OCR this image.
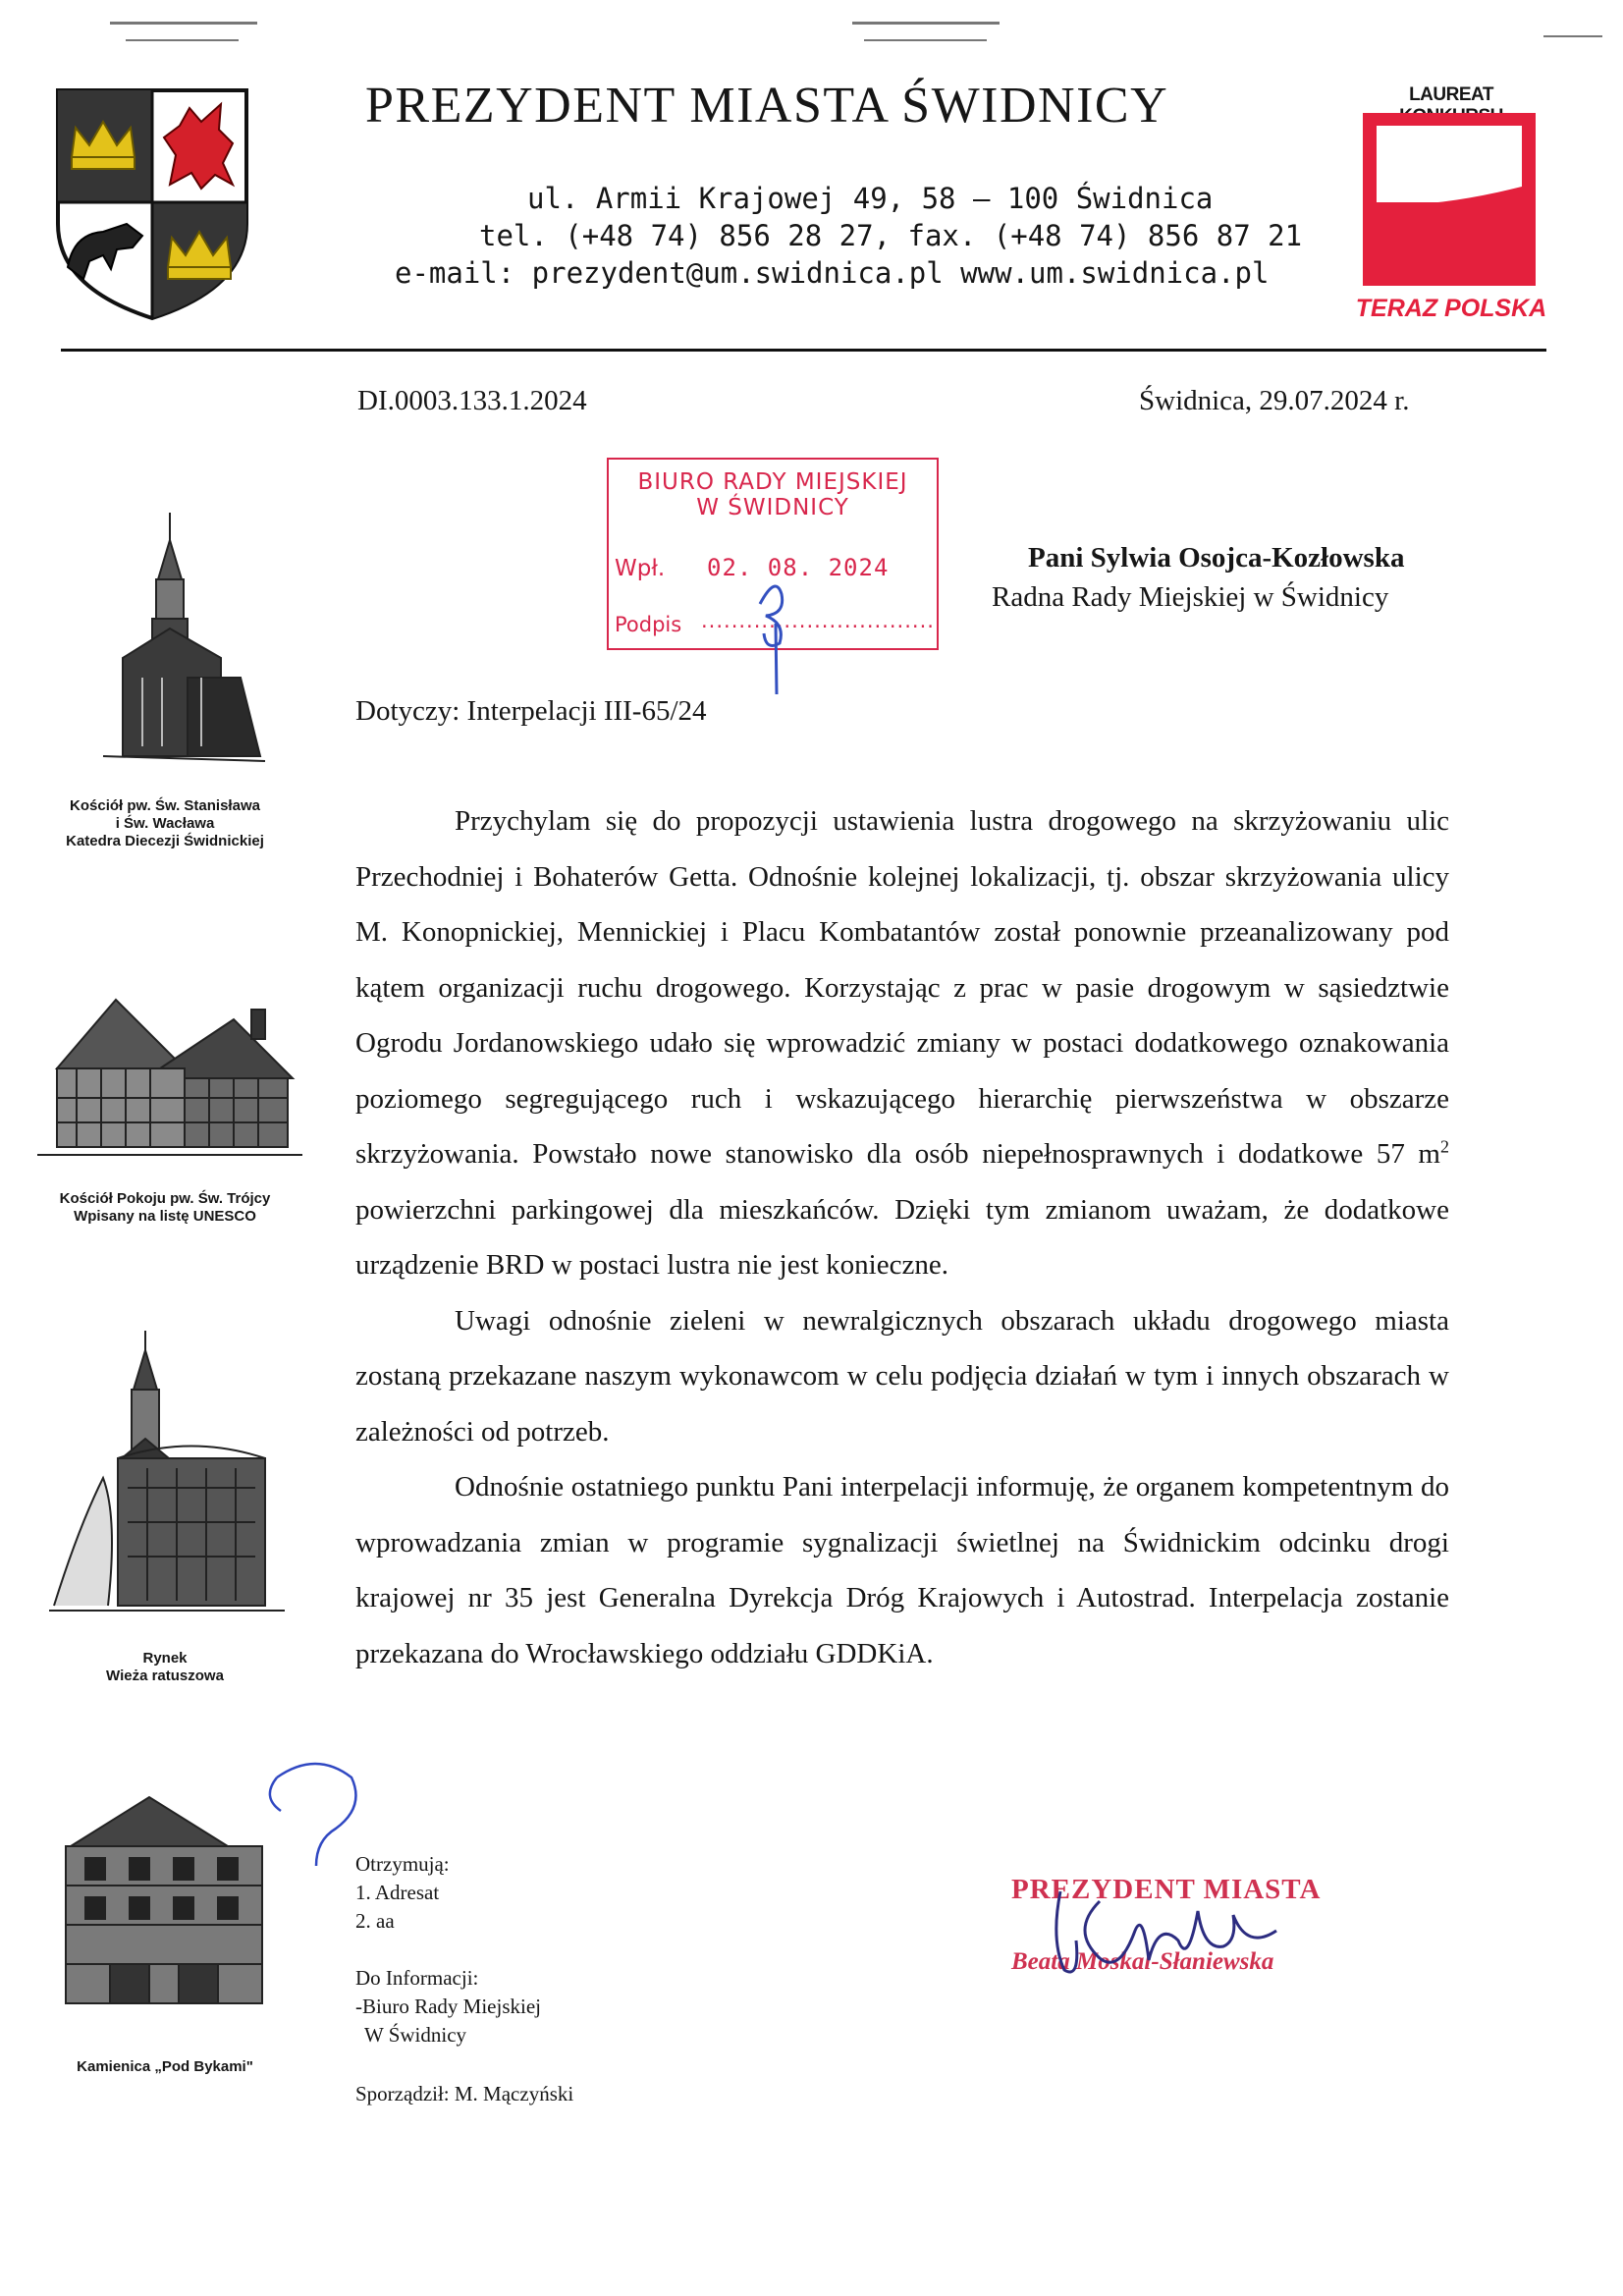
PREZYDENT MIASTA ŚWIDNICY
ul. Armii Krajowej 49, 58 – 100 Świdnica
tel. (+48 74) 856 28 27, fax. (+48 74) 856 87 21
e-mail: prezydent@um.swidnica.pl www.um.swidnica.pl
LAUREAT
TERAZ POLSKA
Kościół pw. Św. Stanisława
i Św. Wacława
Katedra Diecezji Świdnickiej
Kościół Pokoju pw. Św. Trójcy
Wpisany na listę UNESCO
Rynek
Wieża ratuszowa
Kamienica „Pod Bykami"
DI.0003.133.1.2024	Świdnica, 29.07.2024 r.
BIURO RADY MIEJSKIEJ
W ŚWIDNICY
Wpł. 02. 08. 2024
Podpis ...............................
Pani Sylwia Osojca-Kozłowska
Radna Rady Miejskiej w Świdnicy
Dotyczy: Interpelacji III-65/24

Przychylam się do propozycji ustawienia lustra drogowego na skrzyżowaniu ulic Przechodniej i Bohaterów Getta. Odnośnie kolejnej lokalizacji, tj. obszar skrzyżowania ulicy M. Konopnickiej, Mennickiej i Placu Kombatantów został ponownie przeanalizowany pod kątem organizacji ruchu drogowego. Korzystając z prac w pasie drogowym w sąsiedztwie Ogrodu Jordanowskiego udało się wprowadzić zmiany w postaci dodatkowego oznakowania poziomego segregującego ruch i wskazującego hierarchię pierwszeństwa w obszarze skrzyżowania. Powstało nowe stanowisko dla osób niepełnosprawnych i dodatkowe 57 $m^2$ powierzchni parkingowej dla mieszkańców. Dzięki tym zmianom uważam, że dodatkowe urządzenie BRD w postaci lustra nie jest konieczne.

Uwagi odnośnie zieleni w newralgicznych obszarach układu drogowego miasta zostaną przekazane naszym wykonawcom w celu podjęcia działań w tym i innych obszarach w zależności od potrzeb.

Odnośnie ostatniego punktu Pani interpelacji informuję, że organem kompetentnym do wprowadzania zmian w programie sygnalizacji świetlnej na Świdnickim odcinku drogi krajowej nr 35 jest Generalna Dyrekcja Dróg Krajowych i Autostrad. Interpelacja zostanie przekazana do Wrocławskiego oddziału GDDKiA.

Otrzymują:
1. Adresat
2. aa
Do Informacji:
-Biuro Rady Miejskiej
W Świdnicy
Sporządził: M. Mączyński
PREZYDENT MIASTA
Beata Moskal-Słaniewska
